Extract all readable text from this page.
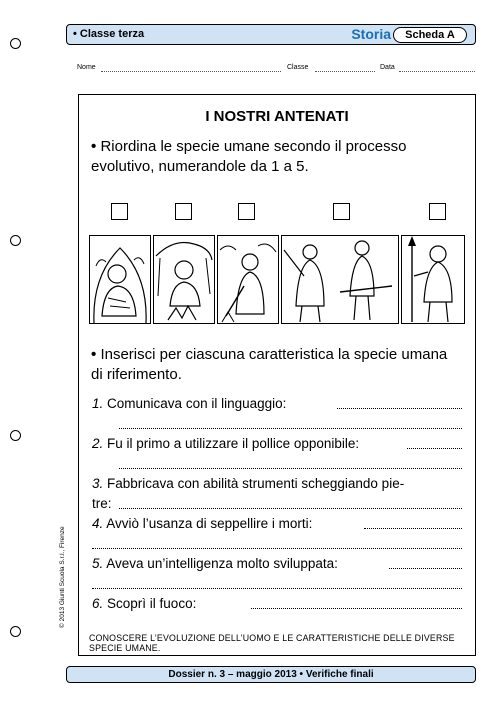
• Classe terza	Storia	Scheda A
Nome	Classe	Data
I NOSTRI ANTENATI
• Riordina le specie umane secondo il processo evolutivo, numerandole da 1 a 5.
• Inserisci per ciascuna caratteristica la specie umana di riferimento.
1. Comunicava con il linguaggio:
2. Fu il primo a utilizzare il pollice opponibile:
3. Fabbricava con abilità strumenti scheggiando pie-
tre:
4. Avviò l’usanza di seppellire i morti:
5. Aveva un’intelligenza molto sviluppata:
6. Scoprì il fuoco:
CONOSCERE L’EVOLUZIONE DELL’UOMO E LE CARATTERISTICHE DELLE DIVERSE SPECIE UMANE.
© 2013 Giunti Scuola S.r.l., Firenze
Dossier n. 3 – maggio 2013 • Verifiche finali
